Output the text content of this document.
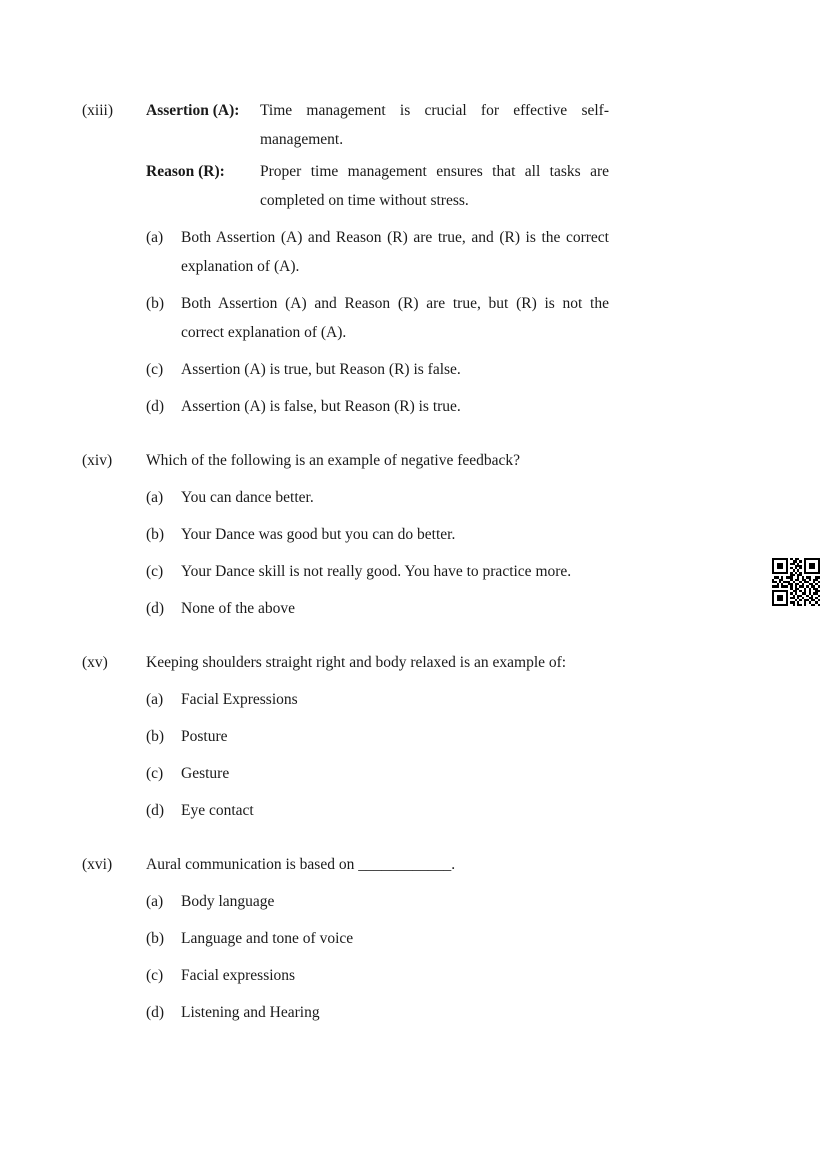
(xiii)	Assertion (A):	Time management is crucial for effective self-management.
Reason (R):	Proper time management ensures that all tasks are completed on time without stress.
(a)	Both Assertion (A) and Reason (R) are true, and (R) is the correct explanation of (A).
(b)	Both Assertion (A) and Reason (R) are true, but (R) is not the correct explanation of (A).
(c)	Assertion (A) is true, but Reason (R) is false.
(d)	Assertion (A) is false, but Reason (R) is true.
(xiv)	Which of the following is an example of negative feedback?
(a)	You can dance better.
(b)	Your Dance was good but you can do better.
(c)	Your Dance skill is not really good. You have to practice more.
(d)	None of the above
(xv)	Keeping shoulders straight right and body relaxed is an example of:
(a)	Facial Expressions
(b)	Posture
(c)	Gesture
(d)	Eye contact
(xvi)	Aural communication is based on ____________.
(a)	Body language
(b)	Language and tone of voice
(c)	Facial expressions
(d)	Listening and Hearing
